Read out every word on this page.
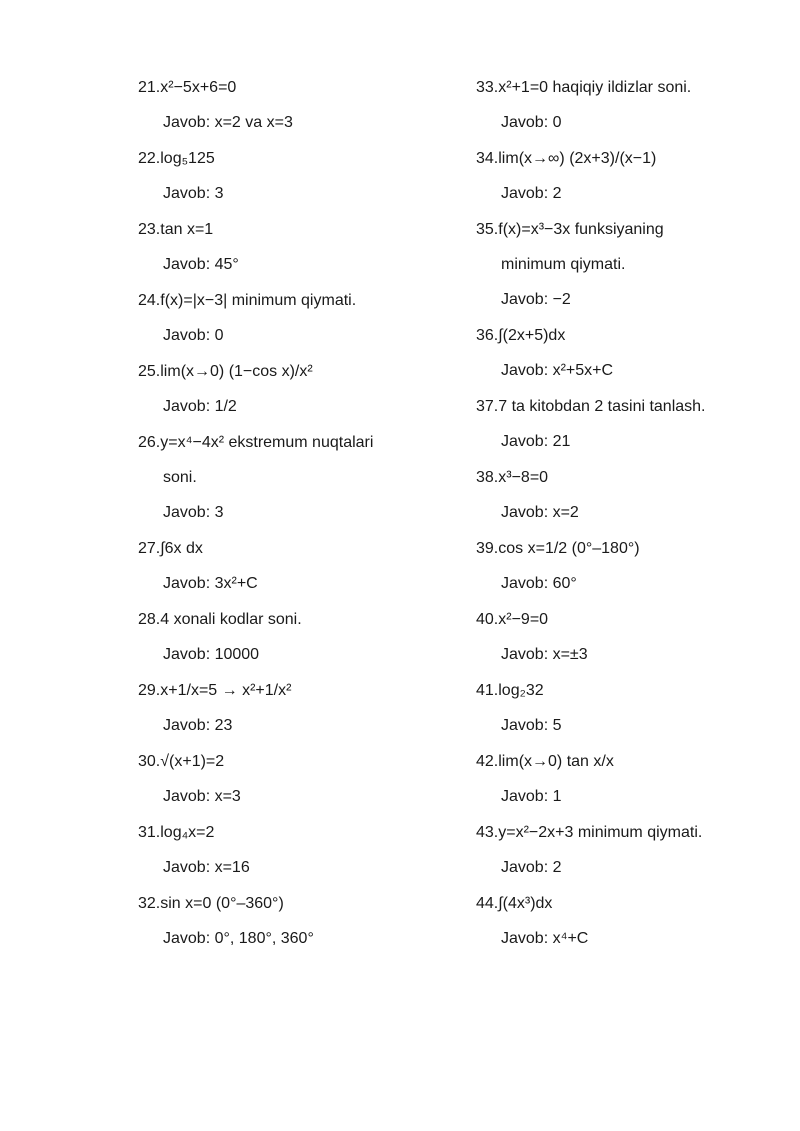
21.x²−5x+6=0
Javob: x=2 va x=3
22.log₅125
Javob: 3
23.tan x=1
Javob: 45°
24.f(x)=|x−3| minimum qiymati.
Javob: 0
25.lim(x→0) (1−cos x)/x²
Javob: 1/2
26.y=x⁴−4x² ekstremum nuqtalari
soni.
Javob: 3
27.∫6x dx
Javob: 3x²+C
28.4 xonali kodlar soni.
Javob: 10000
29.x+1/x=5 → x²+1/x²
Javob: 23
30.√(x+1)=2
Javob: x=3
31.log₄x=2
Javob: x=16
32.sin x=0 (0°–360°)
Javob: 0°, 180°, 360°
33.x²+1=0 haqiqiy ildizlar soni.
Javob: 0
34.lim(x→∞) (2x+3)/(x−1)
Javob: 2
35.f(x)=x³−3x funksiyaning
minimum qiymati.
Javob: −2
36.∫(2x+5)dx
Javob: x²+5x+C
37.7 ta kitobdan 2 tasini tanlash.
Javob: 21
38.x³−8=0
Javob: x=2
39.cos x=1/2 (0°–180°)
Javob: 60°
40.x²−9=0
Javob: x=±3
41.log₂32
Javob: 5
42.lim(x→0) tan x/x
Javob: 1
43.y=x²−2x+3 minimum qiymati.
Javob: 2
44.∫(4x³)dx
Javob: x⁴+C
